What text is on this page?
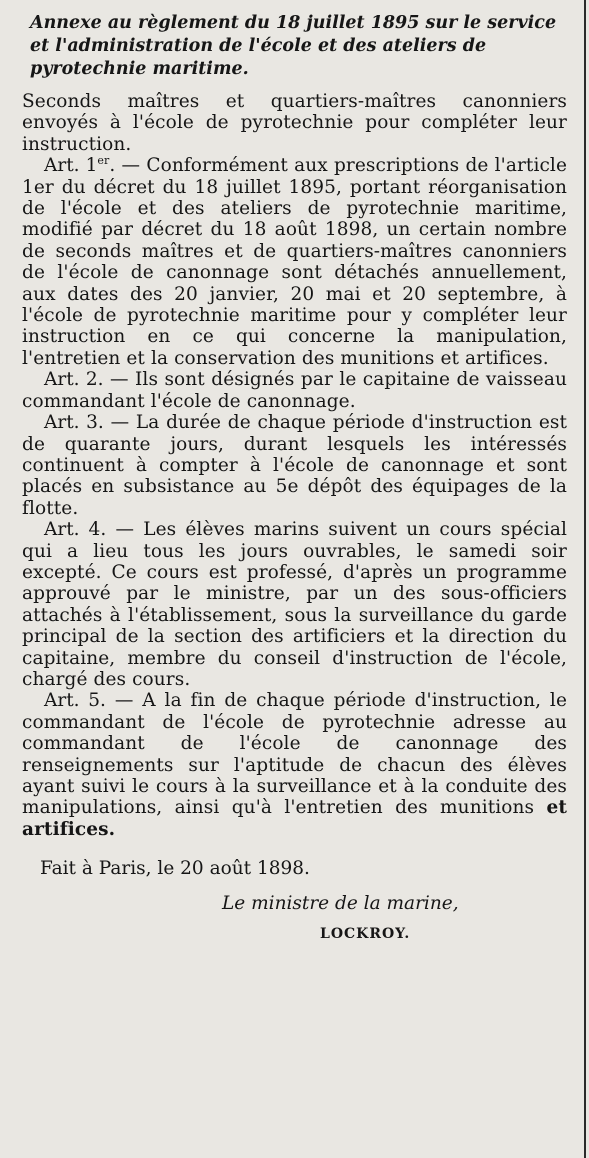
Annexe au règlement du 18 juillet 1895 sur le service et l'administration de l'école et des ateliers de pyrotechnie maritime.

Seconds maîtres et quartiers-maîtres canonniers envoyés à l'école de pyrotechnie pour compléter leur instruction.

Art. 1er. — Conformément aux prescriptions de l'article 1er du décret du 18 juillet 1895, portant réorganisation de l'école et des ateliers de pyrotechnie maritime, modifié par décret du 18 août 1898, un certain nombre de seconds maîtres et de quartiers-maîtres canonniers de l'école de canonnage sont détachés annuellement, aux dates des 20 janvier, 20 mai et 20 septembre, à l'école de pyrotechnie maritime pour y compléter leur instruction en ce qui concerne la manipulation, l'entretien et la conservation des munitions et artifices.

Art. 2. — Ils sont désignés par le capitaine de vaisseau commandant l'école de canonnage.

Art. 3. — La durée de chaque période d'instruction est de quarante jours, durant lesquels les intéressés continuent à compter à l'école de canonnage et sont placés en subsistance au 5e dépôt des équipages de la flotte.

Art. 4. — Les élèves marins suivent un cours spécial qui a lieu tous les jours ouvrables, le samedi soir excepté. Ce cours est professé, d'après un programme approuvé par le ministre, par un des sous-officiers attachés à l'établissement, sous la surveillance du garde principal de la section des artificiers et la direction du capitaine, membre du conseil d'instruction de l'école, chargé des cours.

Art. 5. — A la fin de chaque période d'instruction, le commandant de l'école de pyrotechnie adresse au commandant de l'école de canonnage des renseignements sur l'aptitude de chacun des élèves ayant suivi le cours à la surveillance et à la conduite des manipulations, ainsi qu'à l'entretien des munitions et artifices.

Fait à Paris, le 20 août 1898.
Le ministre de la marine,
LOCKROY.
